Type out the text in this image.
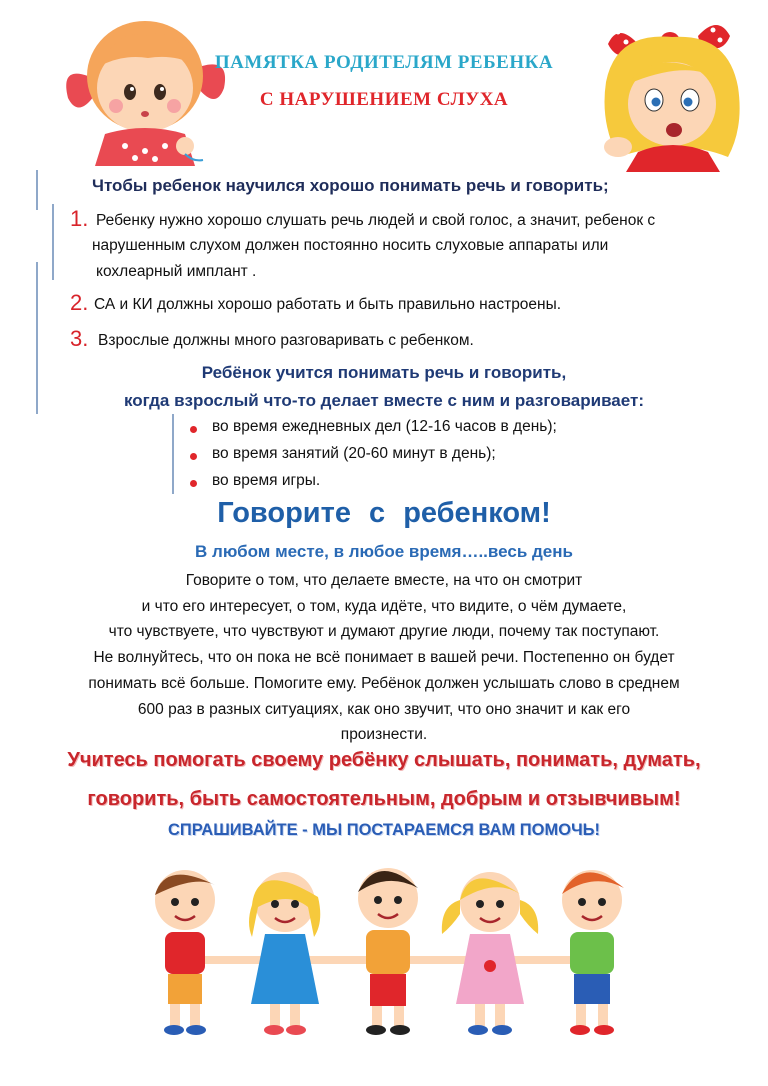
ПАМЯТКА РОДИТЕЛЯМ РЕБЕНКА
С НАРУШЕНИЕМ СЛУХА
Чтобы ребенок научился хорошо понимать речь и говорить;
1. Ребенку нужно хорошо слушать речь людей и свой голос, а значит, ребенок с
нарушенным слухом должен постоянно носить слуховые аппараты или
кохлеарный имплант .
2. СА и КИ должны хорошо работать и быть правильно настроены.
3. Взрослые должны много разговаривать с ребенком.
Ребёнок учится понимать речь и говорить,
когда взрослый что-то делает вместе с ним и разговаривает:
во время ежедневных дел (12-16 часов в день);
во время занятий (20-60 минут в день);
во время игры.
Говорите с ребенком!
В любом месте, в любое время…..весь день
Говорите о том, что делаете вместе, на что он смотрит
и что его интересует, о том, куда идёте, что видите, о чём думаете,
что чувствуете, что чувствуют и думают другие люди, почему так поступают.
Не волнуйтесь, что он пока не всё понимает в вашей речи. Постепенно он будет
понимать всё больше. Помогите ему. Ребёнок должен услышать слово в среднем
600 раз в разных ситуациях, как оно звучит, что оно значит и как его
произнести.
Учитесь помогать своему ребёнку слышать, понимать, думать,
говорить, быть самостоятельным, добрым и отзывчивым!
СПРАШИВАЙТЕ - МЫ ПОСТАРАЕМСЯ ВАМ ПОМОЧЬ!
